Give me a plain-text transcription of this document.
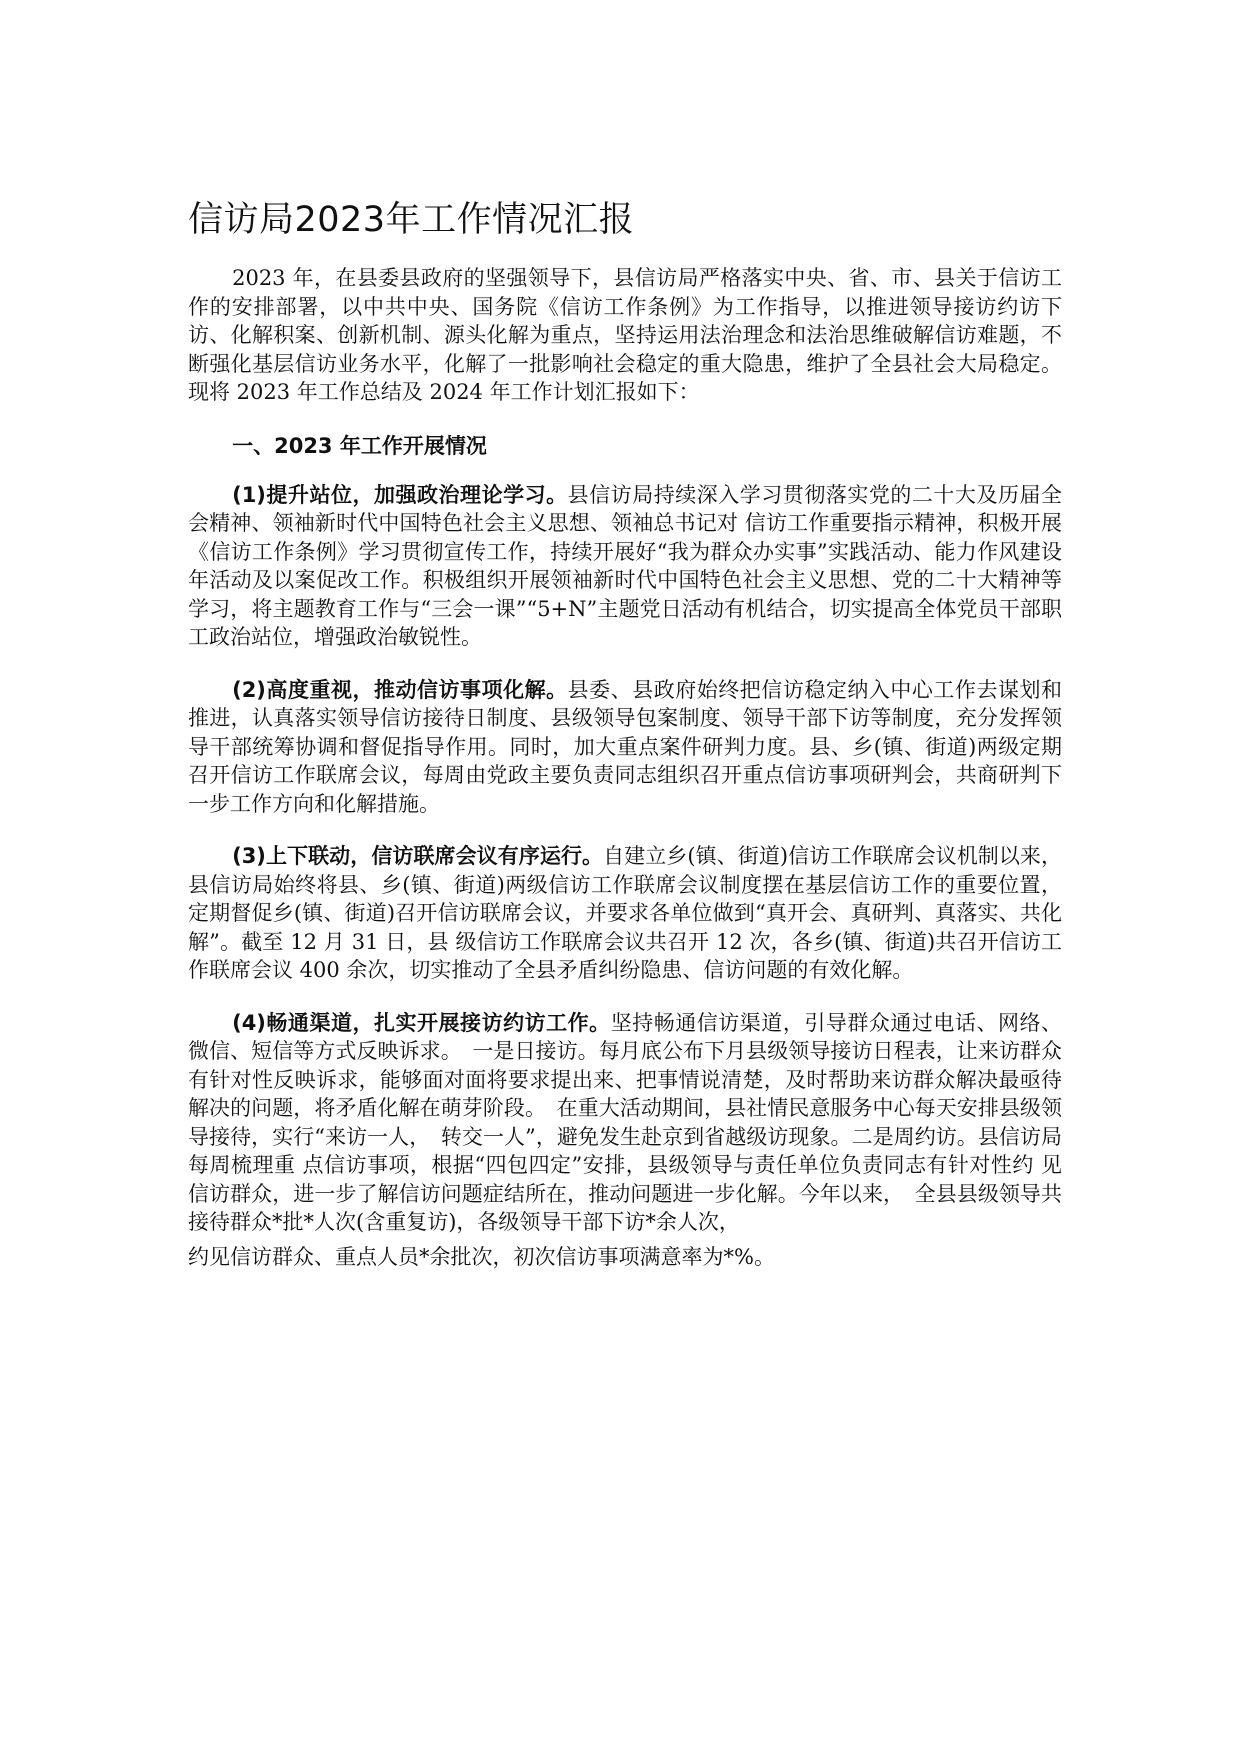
信访局2023年工作情况汇报

2023 年，在县委县政府的坚强领导下，县信访局严格落实中央、省、市、县关于信访工作的安排部署，以中共中央、国务院《信访工作条例》为工作指导，以推进领导接访约访下访、化解积案、创新机制、源头化解为重点，坚持运用法治理念和法治思维破解信访难题，不断强化基层信访业务水平，化解了一批影响社会稳定的重大隐患，维护了全县社会大局稳定。现将 2023 年工作总结及 2024 年工作计划汇报如下：

一、2023 年工作开展情况

(1)提升站位，加强政治理论学习。县信访局持续深入学习贯彻落实党的二十大及历届全会精神、领袖新时代中国特色社会主义思想、领袖总书记对 信访工作重要指示精神，积极开展《信访工作条例》学习贯彻宣传工作，持续开展好“我为群众办实事”实践活动、能力作风建设年活动及以案促改工作。积极组织开展领袖新时代中国特色社会主义思想、党的二十大精神等学习，将主题教育工作与“三会一课”“5+N”主题党日活动有机结合，切实提高全体党员干部职工政治站位，增强政治敏锐性。

(2)高度重视，推动信访事项化解。县委、县政府始终把信访稳定纳入中心工作去谋划和推进，认真落实领导信访接待日制度、县级领导包案制度、领导干部下访等制度，充分发挥领导干部统筹协调和督促指导作用。同时，加大重点案件研判力度。县、乡(镇、街道)两级定期召开信访工作联席会议，每周由党政主要负责同志组织召开重点信访事项研判会，共商研判下一步工作方向和化解措施。

(3)上下联动，信访联席会议有序运行。自建立乡(镇、街道)信访工作联席会议机制以来，县信访局始终将县、乡(镇、街道)两级信访工作联席会议制度摆在基层信访工作的重要位置，定期督促乡(镇、街道)召开信访联席会议，并要求各单位做到“真开会、真研判、真落实、共化解”。截至 12 月 31 日，县 级信访工作联席会议共召开 12 次，各乡(镇、街道)共召开信访工作联席会议 400 余次，切实推动了全县矛盾纠纷隐患、信访问题的有效化解。

(4)畅通渠道，扎实开展接访约访工作。坚持畅通信访渠道，引导群众通过电话、网络、微信、短信等方式反映诉求。　一是日接访。每月底公布下月县级领导接访日程表，让来访群众有针对性反映诉求，能够面对面将要求提出来、把事情说清楚，及时帮助来访群众解决最亟待解决的问题，将矛盾化解在萌芽阶段。　在重大活动期间，县社情民意服务中心每天安排县级领导接待，实行“来访一人，　转交一人”，避免发生赴京到省越级访现象。二是周约访。县信访局每周梳理重 点信访事项，根据“四包四定”安排，县级领导与责任单位负责同志有针对性约 见信访群众，进一步了解信访问题症结所在，推动问题进一步化解。今年以来，　全县县级领导共接待群众*批*人次(含重复访)，各级领导干部下访*余人次，

约见信访群众、重点人员*余批次，初次信访事项满意率为*%。
